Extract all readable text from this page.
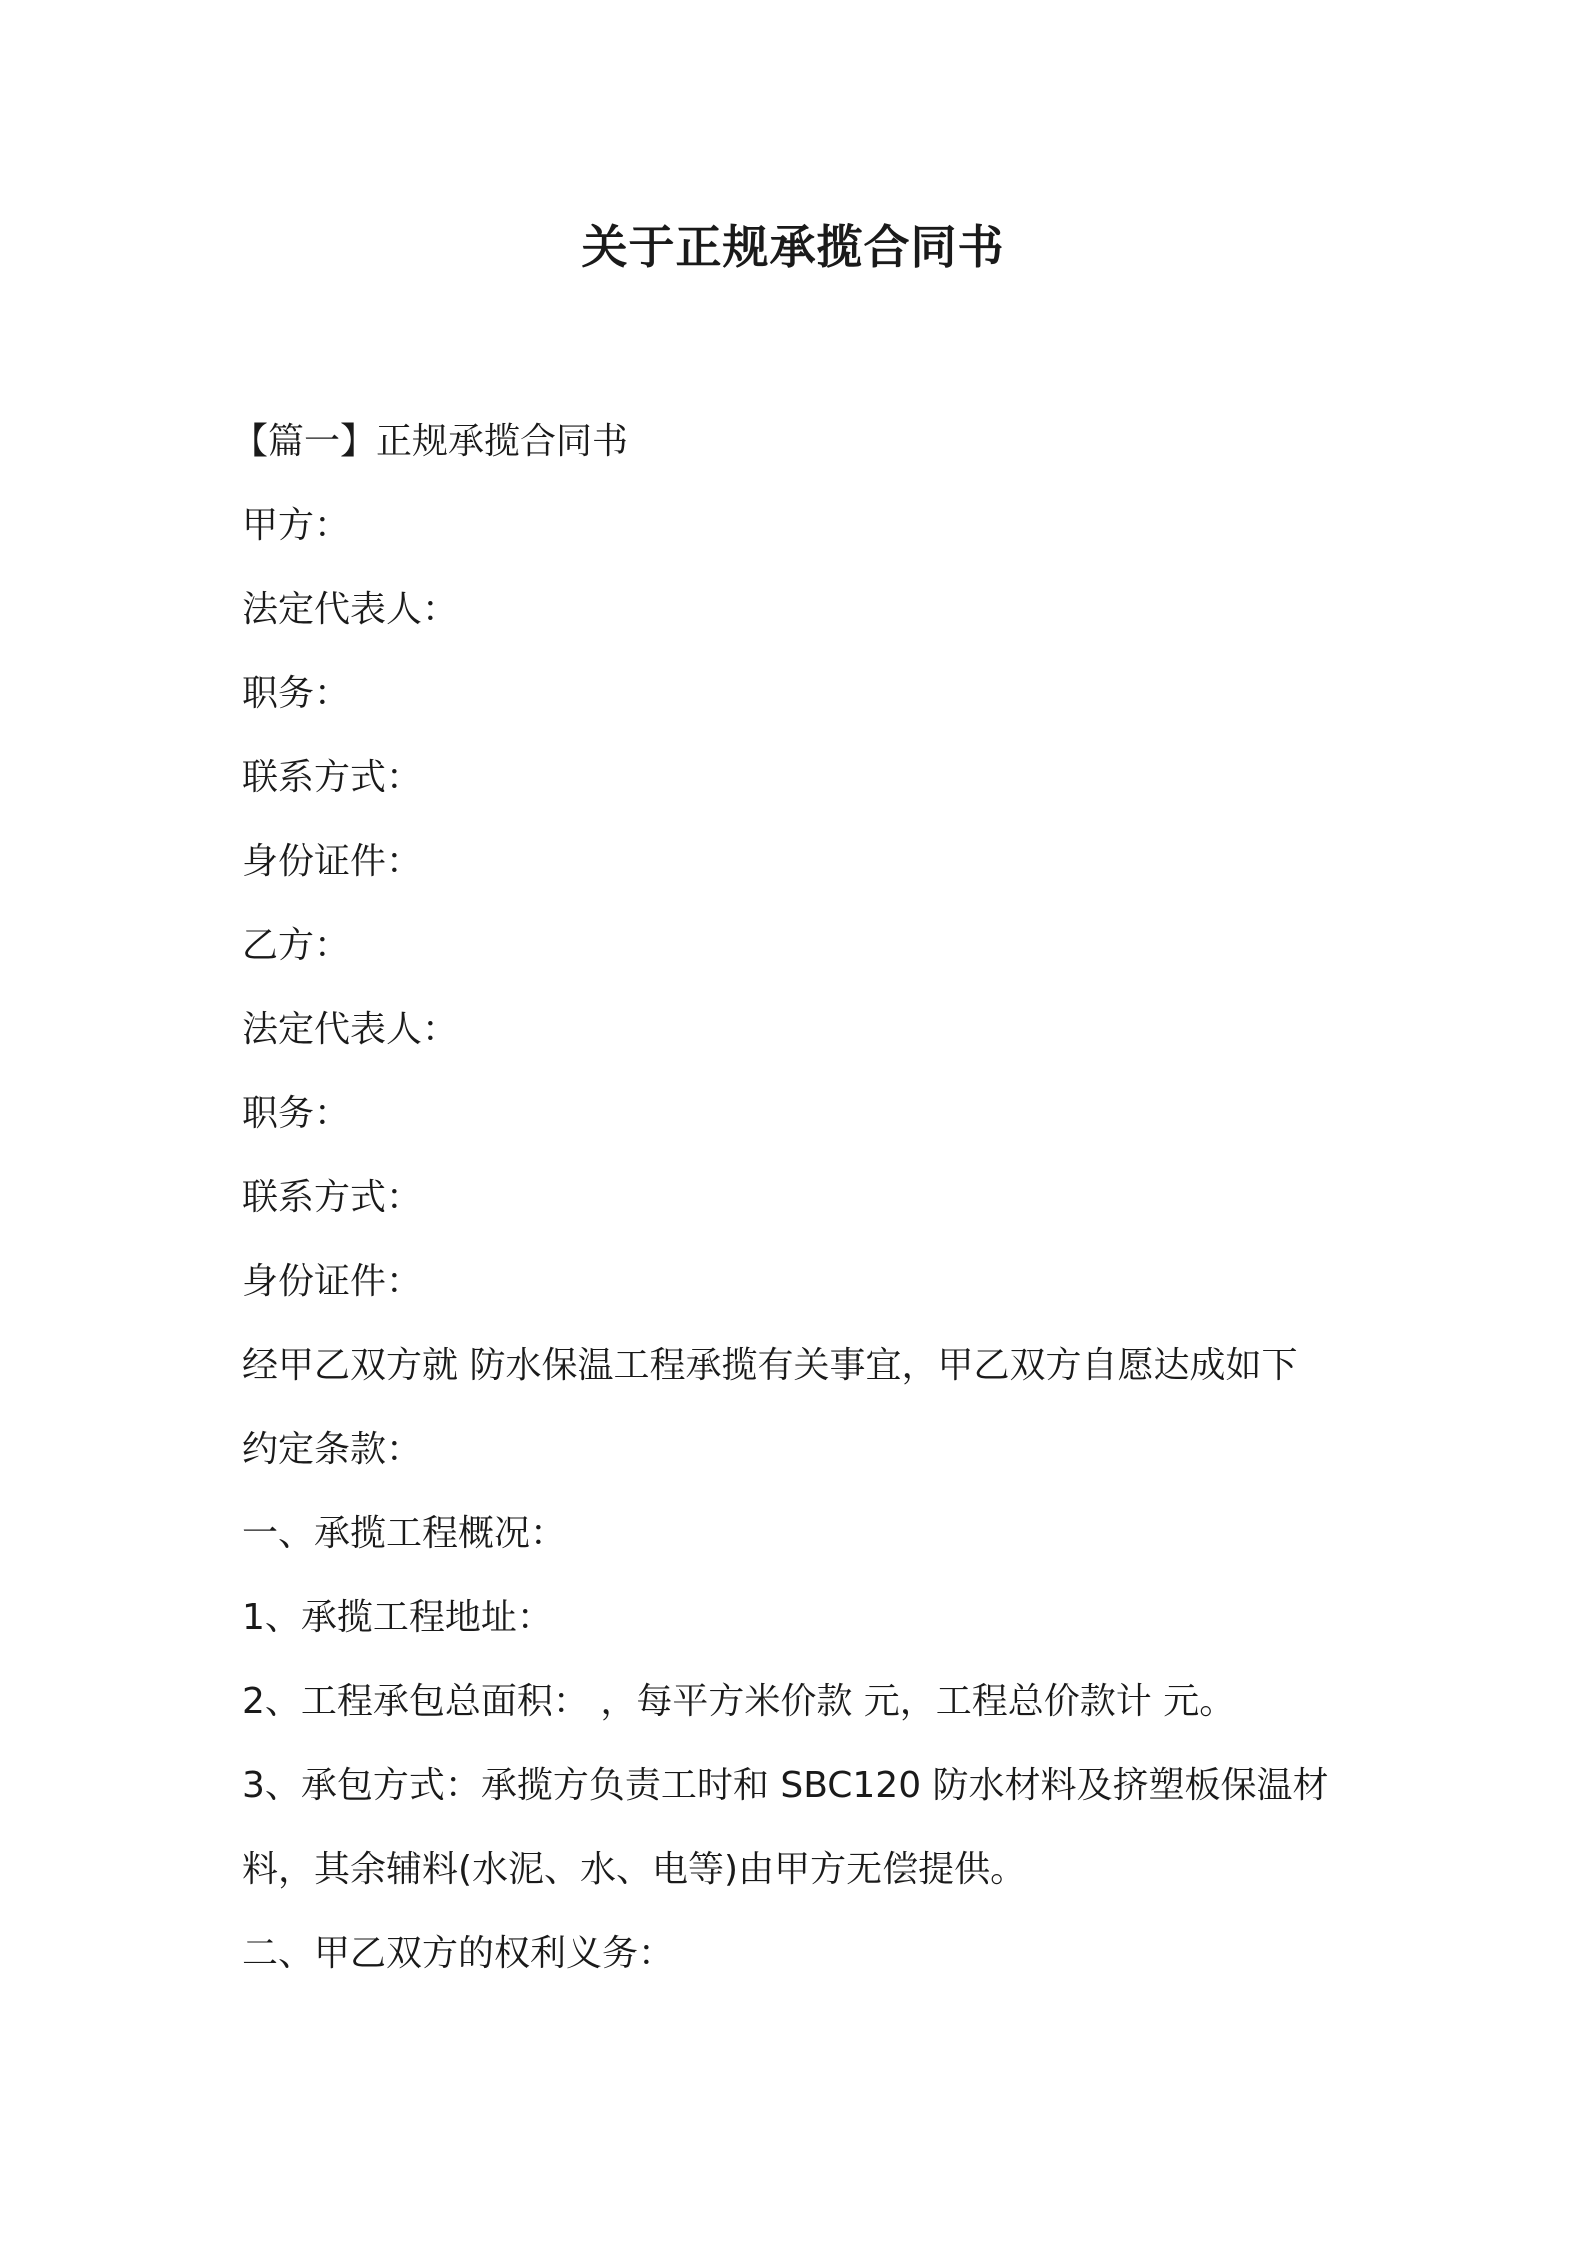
关于正规承揽合同书

【篇一】正规承揽合同书

甲方：

法定代表人：

职务：

联系方式：

身份证件：

乙方：

法定代表人：

职务：

联系方式：

身份证件：

经甲乙双方就 防水保温工程承揽有关事宜，甲乙双方自愿达成如下

约定条款：

一、承揽工程概况：

1、承揽工程地址：

2、工程承包总面积： ，每平方米价款 元，工程总价款计 元。

3、承包方式：承揽方负责工时和 SBC120 防水材料及挤塑板保温材

料，其余辅料(水泥、水、电等)由甲方无偿提供。

二、甲乙双方的权利义务：
